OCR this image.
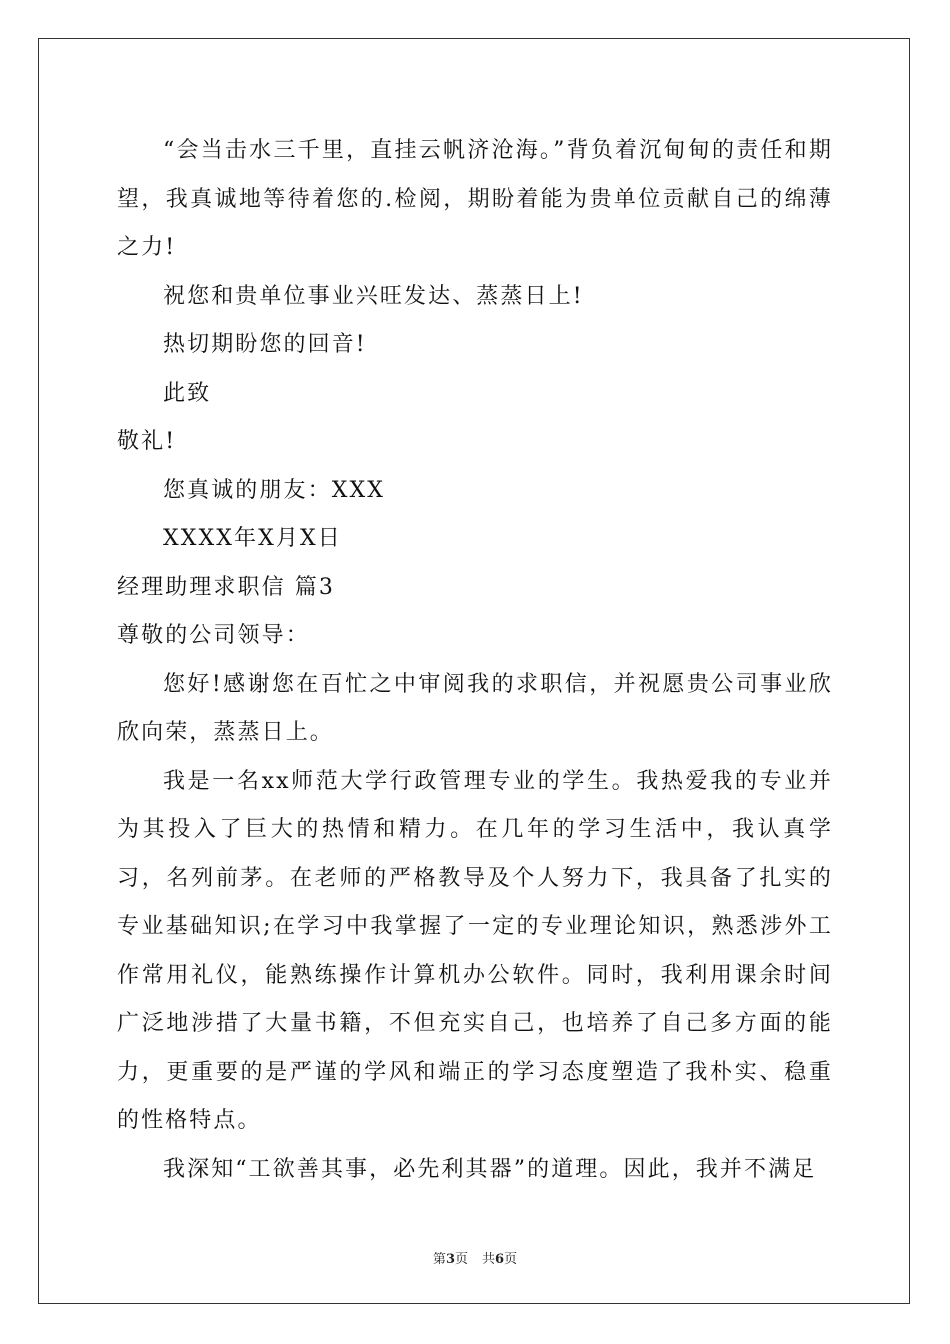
“会当击水三千里，直挂云帆济沧海。”背负着沉甸甸的责任和期望，我真诚地等待着您的.检阅，期盼着能为贵单位贡献自己的绵薄之力!

祝您和贵单位事业兴旺发达、蒸蒸日上!
热切期盼您的回音!
此致
敬礼!
您真诚的朋友：XXX
XXXX年X月X日
经理助理求职信 篇3
尊敬的公司领导：

您好!感谢您在百忙之中审阅我的求职信，并祝愿贵公司事业欣欣向荣，蒸蒸日上。

我是一名xx师范大学行政管理专业的学生。我热爱我的专业并为其投入了巨大的热情和精力。在几年的学习生活中，我认真学习，名列前茅。在老师的严格教导及个人努力下，我具备了扎实的专业基础知识;在学习中我掌握了一定的专业理论知识，熟悉涉外工作常用礼仪，能熟练操作计算机办公软件。同时，我利用课余时间广泛地涉措了大量书籍，不但充实自己，也培养了自己多方面的能力，更重要的是严谨的学风和端正的学习态度塑造了我朴实、稳重的性格特点。

我深知“工欲善其事，必先利其器”的道理。因此，我并不满足

第3页 共6页
